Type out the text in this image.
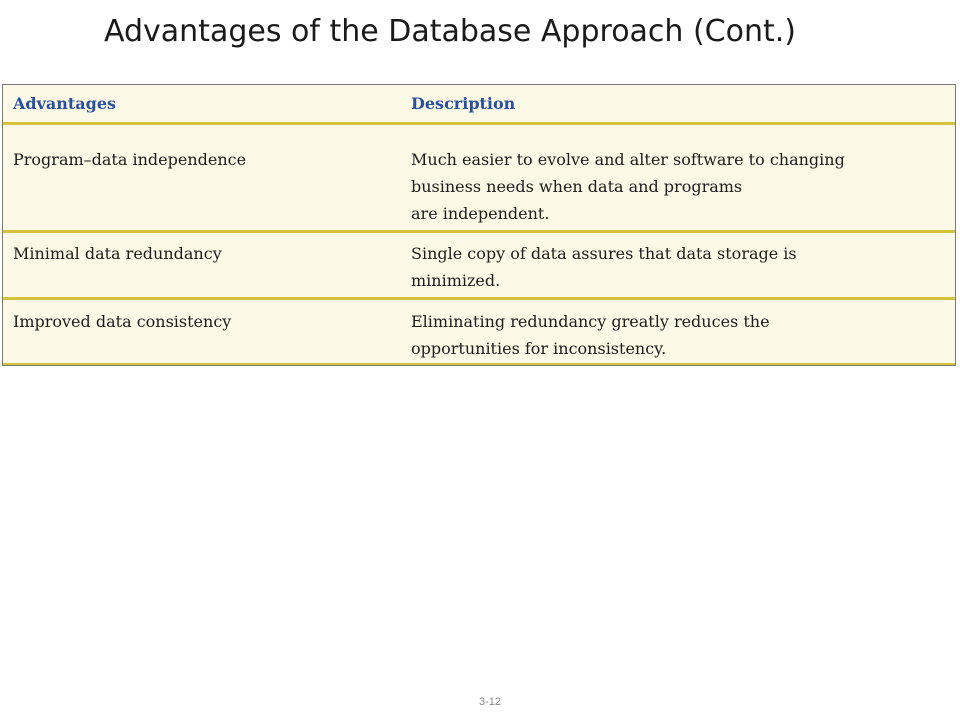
Advantages of the Database Approach (Cont.)
Advantages	Description
Program–data independence	Much easier to evolve and alter software to changing
business needs when data and programs
are independent.
Minimal data redundancy	Single copy of data assures that data storage is
minimized.
Improved data consistency	Eliminating redundancy greatly reduces the
opportunities for inconsistency.
3-12
